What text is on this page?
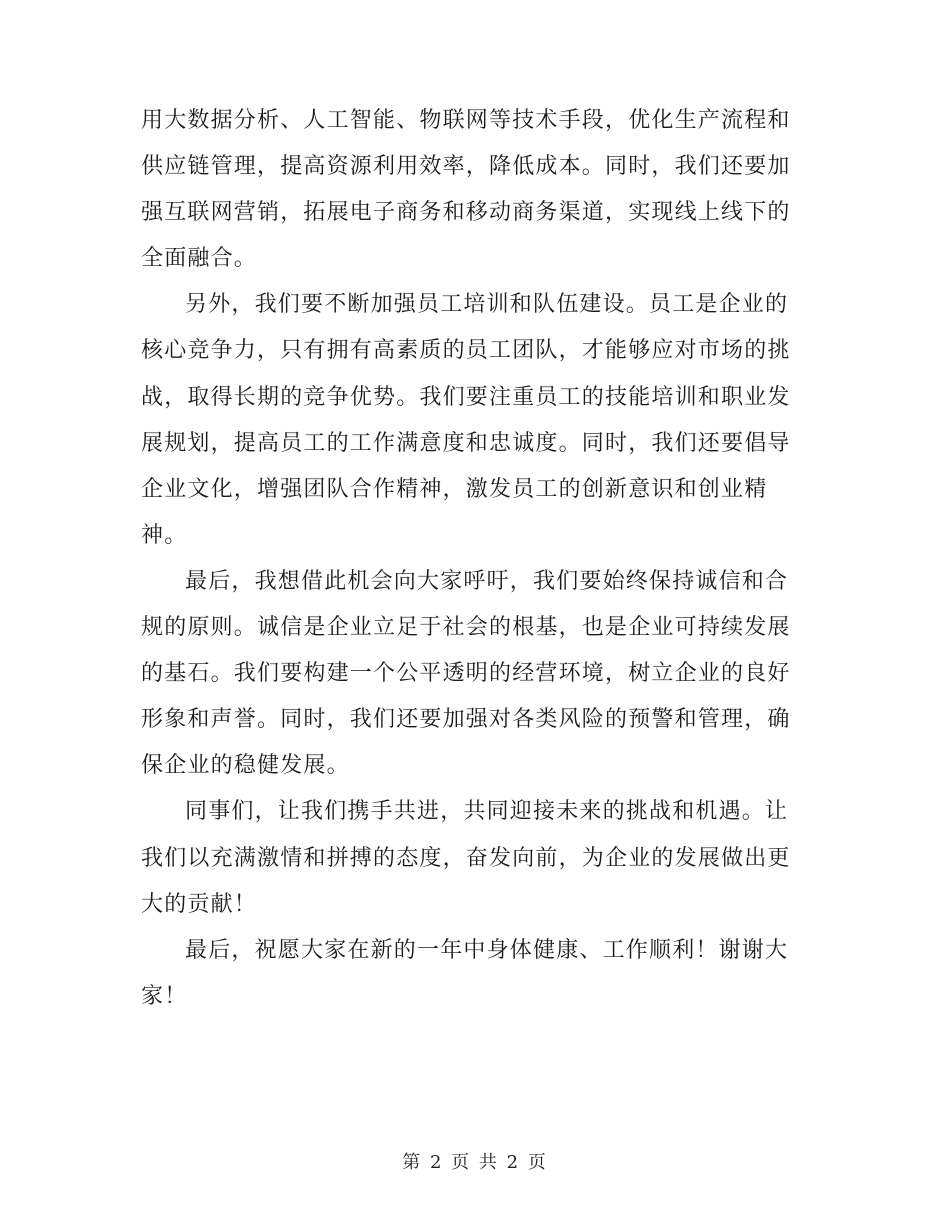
用大数据分析、人工智能、物联网等技术手段，优化生产流程和
供应链管理，提高资源利用效率，降低成本。同时，我们还要加
强互联网营销，拓展电子商务和移动商务渠道，实现线上线下的
全面融合。
另外，我们要不断加强员工培训和队伍建设。员工是企业的
核心竞争力，只有拥有高素质的员工团队，才能够应对市场的挑
战，取得长期的竞争优势。我们要注重员工的技能培训和职业发
展规划，提高员工的工作满意度和忠诚度。同时，我们还要倡导
企业文化，增强团队合作精神，激发员工的创新意识和创业精
神。
最后，我想借此机会向大家呼吁，我们要始终保持诚信和合
规的原则。诚信是企业立足于社会的根基，也是企业可持续发展
的基石。我们要构建一个公平透明的经营环境，树立企业的良好
形象和声誉。同时，我们还要加强对各类风险的预警和管理，确
保企业的稳健发展。
同事们，让我们携手共进，共同迎接未来的挑战和机遇。让
我们以充满激情和拼搏的态度，奋发向前，为企业的发展做出更
大的贡献！
最后，祝愿大家在新的一年中身体健康、工作顺利！谢谢大
家！
第 2 页 共 2 页
